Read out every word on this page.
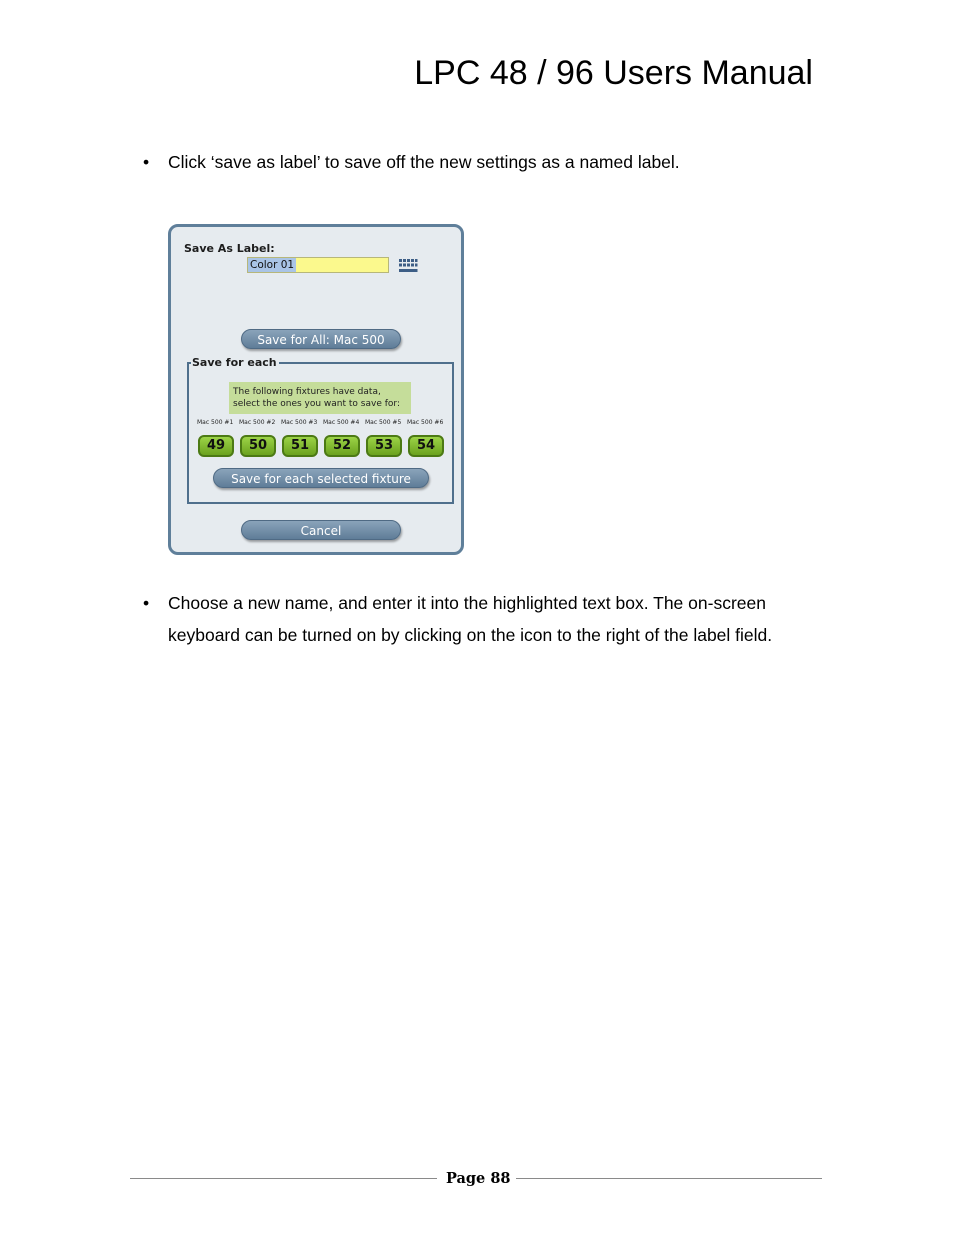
LPC 48 / 96 Users Manual
• Click ‘save as label’ to save off the new settings as a named label.
Save As Label:
Color 01
Save for All: Mac 500
Save for each
The following fixtures have data,
select the ones you want to save for:
Mac 500 #1 Mac 500 #2 Mac 500 #3 Mac 500 #4 Mac 500 #5 Mac 500 #6
49	50	51	52	53	54
Save for each selected fixture
Cancel
• Choose a new name, and enter it into the highlighted text box. The on-screen keyboard can be turned on by clicking on the icon to the right of the label field.
Page 88
